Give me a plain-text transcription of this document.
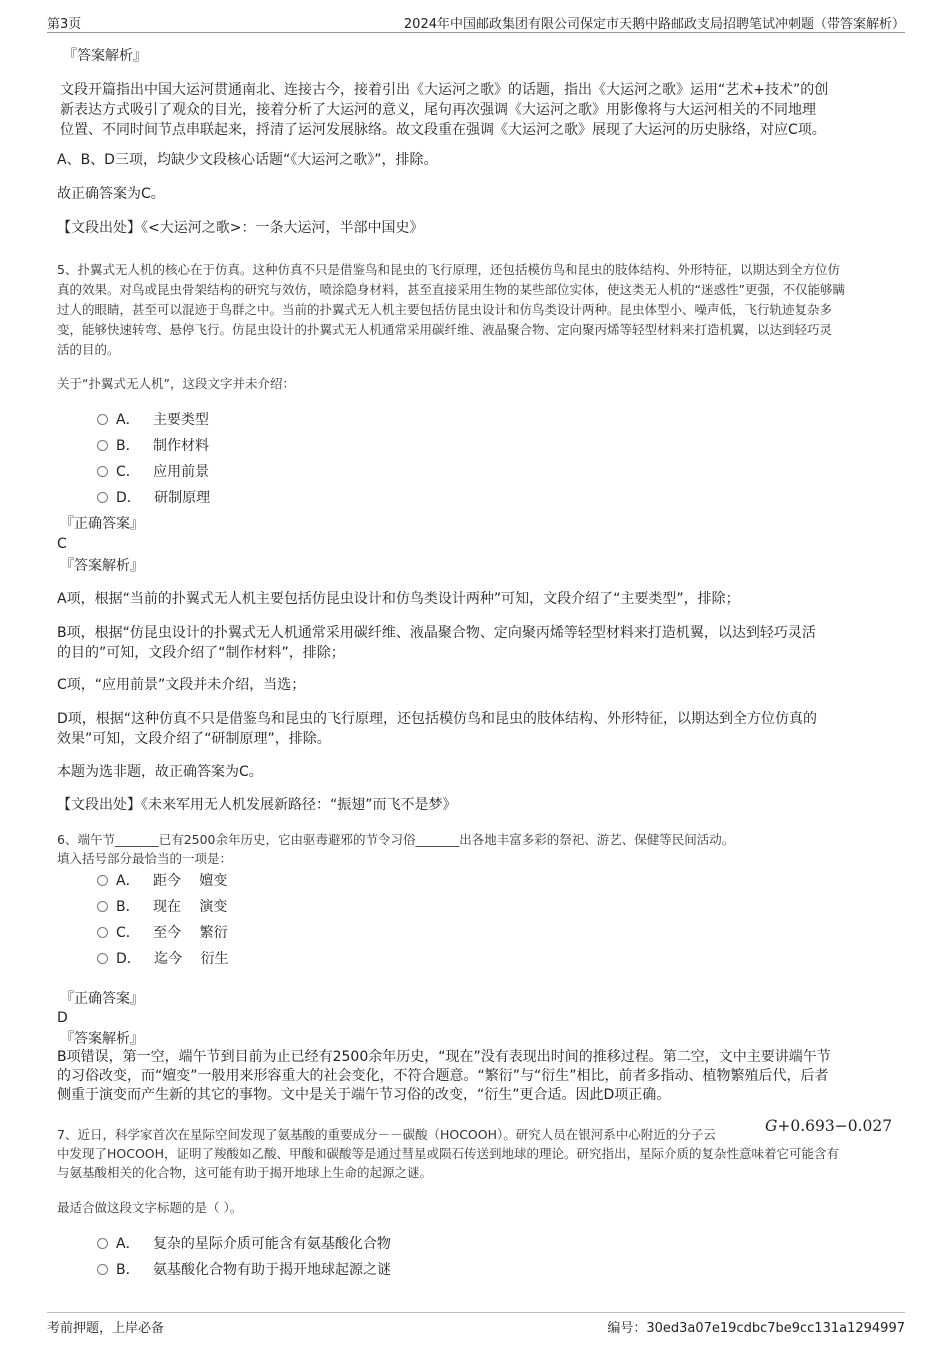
第3页	2024年中国邮政集团有限公司保定市天鹅中路邮政支局招聘笔试冲刺题（带答案解析）
『答案解析』
文段开篇指出中国大运河贯通南北、连接古今，接着引出《大运河之歌》的话题，指出《大运河之歌》运用“艺术+技术”的创
新表达方式吸引了观众的目光，接着分析了大运河的意义，尾句再次强调《大运河之歌》用影像将与大运河相关的不同地理
位置、不同时间节点串联起来，捋清了运河发展脉络。故文段重在强调《大运河之歌》展现了大运河的历史脉络，对应C项。
A、B、D三项，均缺少文段核心话题“《大运河之歌》”，排除。
故正确答案为C。
【文段出处】《<大运河之歌>：一条大运河，半部中国史》
5、扑翼式无人机的核心在于仿真。这种仿真不只是借鉴鸟和昆虫的飞行原理，还包括模仿鸟和昆虫的肢体结构、外形特征，以期达到全方位仿
真的效果。对鸟或昆虫骨架结构的研究与效仿，喷涂隐身材料，甚至直接采用生物的某些部位实体，使这类无人机的“迷惑性”更强，不仅能够瞒
过人的眼睛，甚至可以混迹于鸟群之中。当前的扑翼式无人机主要包括仿昆虫设计和仿鸟类设计两种。昆虫体型小、噪声低，飞行轨迹复杂多
变，能够快速转弯、悬停飞行。仿昆虫设计的扑翼式无人机通常采用碳纤维、液晶聚合物、定向聚丙烯等轻型材料来打造机翼，以达到轻巧灵
活的目的。
关于“扑翼式无人机”，这段文字并未介绍：
A． 主要类型
B． 制作材料
C． 应用前景
D． 研制原理
『正确答案』
C
『答案解析』
A项，根据“当前的扑翼式无人机主要包括仿昆虫设计和仿鸟类设计两种”可知，文段介绍了“主要类型”，排除；
B项，根据“仿昆虫设计的扑翼式无人机通常采用碳纤维、液晶聚合物、定向聚丙烯等轻型材料来打造机翼，以达到轻巧灵活
的目的”可知，文段介绍了“制作材料”，排除；
C项，“应用前景”文段并未介绍，当选；
D项，根据“这种仿真不只是借鉴鸟和昆虫的飞行原理，还包括模仿鸟和昆虫的肢体结构、外形特征，以期达到全方位仿真的
效果”可知，文段介绍了“研制原理”，排除。
本题为选非题，故正确答案为C。
【文段出处】《未来军用无人机发展新路径：“振翅”而飞不是梦》
6、端午节_______已有2500余年历史，它由驱毒避邪的节令习俗_______出各地丰富多彩的祭祀、游艺、保健等民间活动。
填入括号部分最恰当的一项是：
A． 距今　 嬗变
B． 现在　 演变
C． 至今　 繁衍
D． 迄今　 衍生
『正确答案』
D
『答案解析』
B项错误，第一空，端午节到目前为止已经有2500余年历史，“现在”没有表现出时间的推移过程。第二空，文中主要讲端午节
的习俗改变，而“嬗变”一般用来形容重大的社会变化，不符合题意。“繁衍”与“衍生”相比，前者多指动、植物繁殖后代，后者
侧重于演变而产生新的其它的事物。文中是关于端午节习俗的改变，“衍生”更合适。因此D项正确。
7、近日，科学家首次在星际空间发现了氨基酸的重要成分－－碳酸（HOCOOH）。研究人员在银河系中心附近的分子云	G+0.693−0.027
中发现了HOCOOH，证明了羧酸如乙酸、甲酸和碳酸等是通过彗星或陨石传送到地球的理论。研究指出，星际介质的复杂性意味着它可能含有
与氨基酸相关的化合物，这可能有助于揭开地球上生命的起源之谜。
最适合做这段文字标题的是（ ）。
A． 复杂的星际介质可能含有氨基酸化合物
B． 氨基酸化合物有助于揭开地球起源之谜
考前押题，上岸必备	编号：30ed3a07e19cdbc7be9cc131a1294997
